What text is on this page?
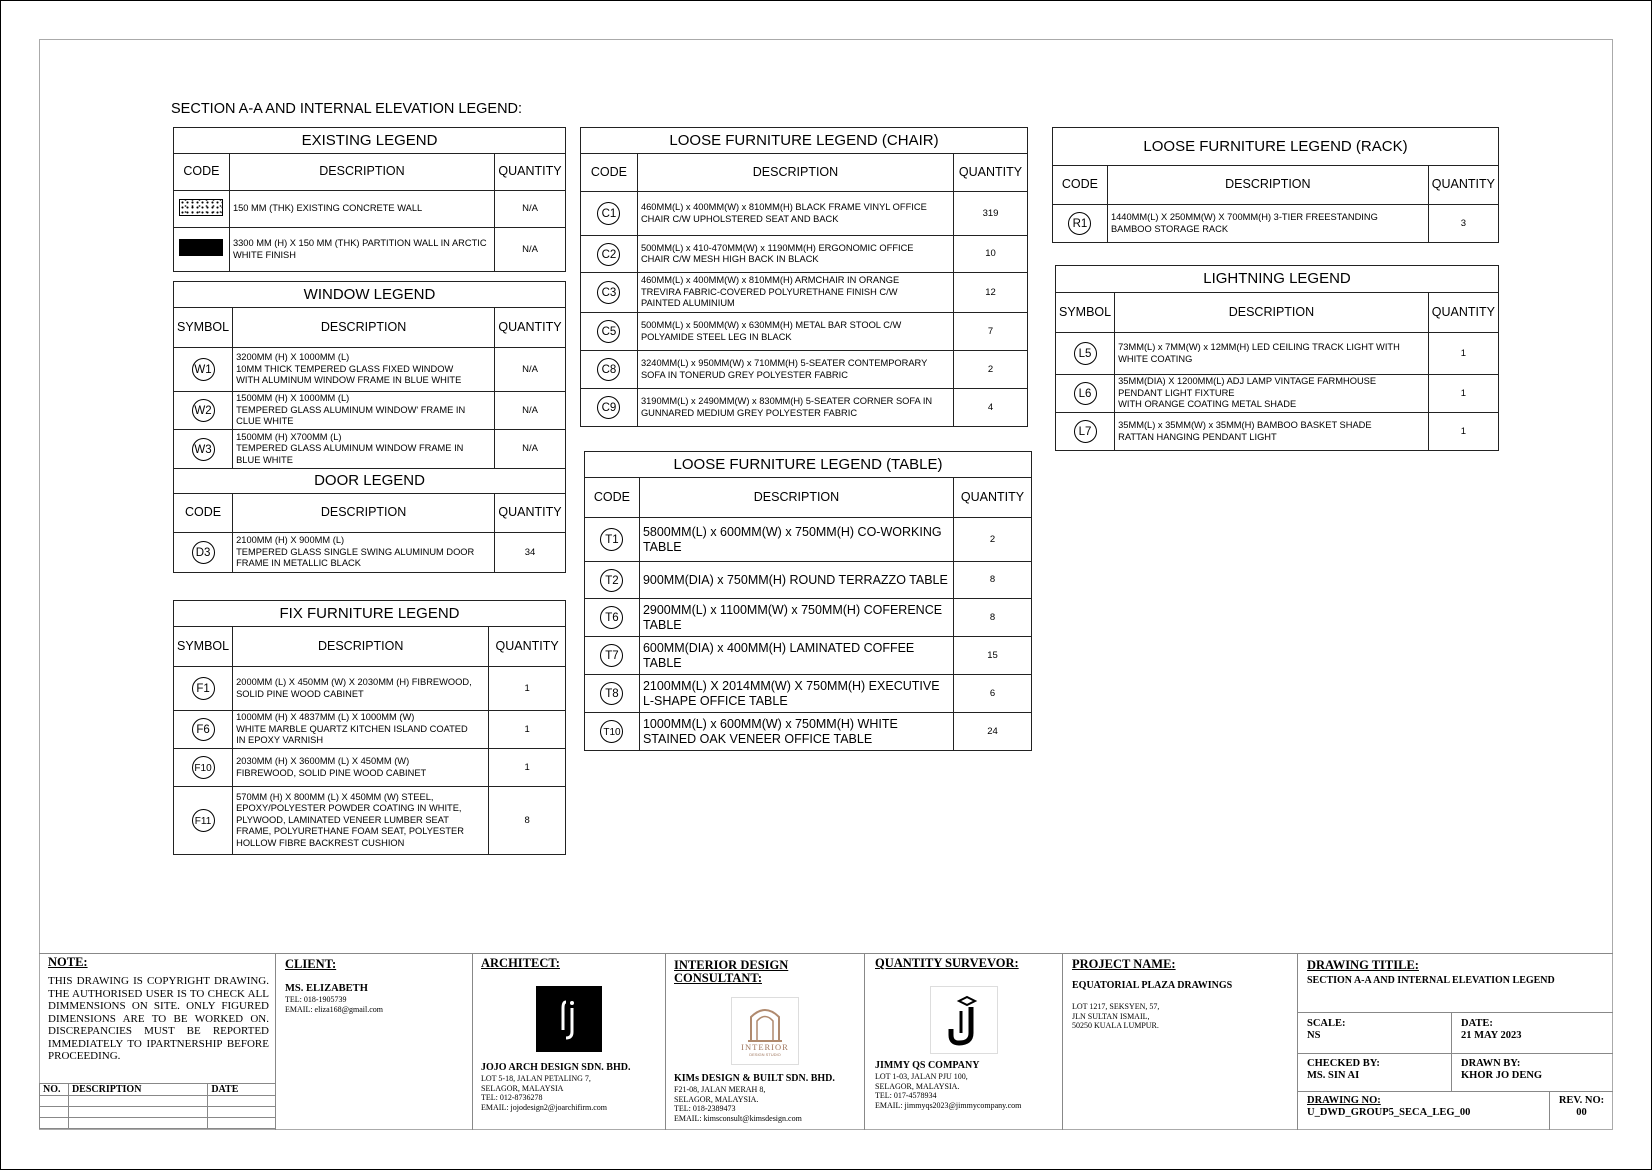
SECTION A-A AND INTERNAL ELEVATION LEGEND:
EXISTING LEGEND		
CODE	DESCRIPTION	QUANTITY
	150 MM (THK) EXISTING CONCRETE WALL	N/A
	3300 MM (H) X 150 MM (THK) PARTITION WALL IN ARCTIC WHITE FINISH	N/A
WINDOW LEGEND		
SYMBOL	DESCRIPTION	QUANTITY
W1	3200MM (H) X 1000MM (L)
10MM THICK TEMPERED GLASS FIXED WINDOW
WITH ALUMINUM WINDOW FRAME IN BLUE WHITE	N/A
W2	1500MM (H) X 1000MM (L)
TEMPERED GLASS ALUMINUM WINDOW' FRAME IN
CLUE WHITE	N/A
W3	1500MM (H) X700MM (L)
TEMPERED GLASS ALUMINUM WINDOW FRAME IN
BLUE WHITE	N/A
DOOR LEGEND		
CODE	DESCRIPTION	QUANTITY
D3	2100MM (H) X 900MM (L)
TEMPERED GLASS SINGLE SWING ALUMINUM DOOR
FRAME IN METALLIC BLACK	34
FIX FURNITURE LEGEND		
SYMBOL	DESCRIPTION	QUANTITY
F1	2000MM (L) X 450MM (W) X 2030MM (H) FIBREWOOD,
SOLID PINE WOOD CABINET	1
F6	1000MM (H) X 4837MM (L) X 1000MM (W)
WHITE MARBLE QUARTZ KITCHEN ISLAND COATED
IN EPOXY VARNISH	1
F10	2030MM (H) X 3600MM (L) X 450MM (W)
FIBREWOOD, SOLID PINE WOOD CABINET	1
F11	570MM (H) X 800MM (L) X 450MM (W) STEEL,
EPOXY/POLYESTER POWDER COATING IN WHITE,
PLYWOOD, LAMINATED VENEER LUMBER SEAT
FRAME, POLYURETHANE FOAM SEAT, POLYESTER
HOLLOW FIBRE BACKREST CUSHION	8
LOOSE FURNITURE LEGEND (CHAIR)		
CODE	DESCRIPTION	QUANTITY
C1	460MM(L) x 400MM(W) x 810MM(H) BLACK FRAME VINYL OFFICE
CHAIR C/W UPHOLSTERED SEAT AND BACK	319
C2	500MM(L) x 410-470MM(W) x 1190MM(H) ERGONOMIC OFFICE
CHAIR C/W MESH HIGH BACK IN BLACK	10
C3	460MM(L) x 400MM(W) x 810MM(H) ARMCHAIR IN ORANGE
TREVIRA FABRIC-COVERED POLYURETHANE FINISH C/W
PAINTED ALUMINIUM	12
C5	500MM(L) x 500MM(W) x 630MM(H) METAL BAR STOOL C/W
POLYAMIDE STEEL LEG IN BLACK	7
C8	3240MM(L) x 950MM(W) x 710MM(H) 5-SEATER CONTEMPORARY
SOFA IN TONERUD GREY POLYESTER FABRIC	2
C9	3190MM(L) x 2490MM(W) x 830MM(H) 5-SEATER CORNER SOFA IN
GUNNARED MEDIUM GREY POLYESTER FABRIC	4
LOOSE FURNITURE LEGEND (TABLE)		
CODE	DESCRIPTION	QUANTITY
T1	5800MM(L) x 600MM(W) x 750MM(H) CO-WORKING
TABLE	2
T2	900MM(DIA) x 750MM(H) ROUND TERRAZZO TABLE	8
T6	2900MM(L) x 1100MM(W) x 750MM(H) COFERENCE
TABLE	8
T7	600MM(DIA) x 400MM(H) LAMINATED COFFEE
TABLE	15
T8	2100MM(L) X 2014MM(W) X 750MM(H) EXECUTIVE
L-SHAPE OFFICE TABLE	6
T10	1000MM(L) x 600MM(W) x 750MM(H) WHITE
STAINED OAK VENEER OFFICE TABLE	24
LOOSE FURNITURE LEGEND (RACK)		
CODE	DESCRIPTION	QUANTITY
R1	1440MM(L) X 250MM(W) X 700MM(H) 3-TIER FREESTANDING
BAMBOO STORAGE RACK	3
LIGHTNING LEGEND		
SYMBOL	DESCRIPTION	QUANTITY
L5	73MM(L) x 7MM(W) x 12MM(H) LED CEILING TRACK LIGHT WITH
WHITE COATING	1
L6	35MM(DIA) X 1200MM(L) ADJ LAMP VINTAGE FARMHOUSE
PENDANT LIGHT FIXTURE
WITH ORANGE COATING METAL SHADE	1
L7	35MM(L) x 35MM(W) x 35MM(H) BAMBOO BASKET SHADE
RATTAN HANGING PENDANT LIGHT	1
NOTE:
THIS DRAWING IS COPYRIGHT DRAWING. THE AUTHORISED USER IS TO CHECK ALL DIMMENSIONS ON SITE. ONLY FIGURED DIMENSIONS ARE TO BE WORKED ON. DISCREPANCIES MUST BE REPORTED IMMEDIATELY TO IPARTNERSHIP BEFORE PROCEEDING.
NO.	DESCRIPTION	DATE

CLIENT:
MS. ELIZABETH
TEL: 018-1905739
EMAIL: eliza168@gmail.com
ARCHITECT:
JOJO ARCH DESIGN SDN. BHD.
LOT 5-18, JALAN PETALING 7,
SELAGOR, MALAYSIA
TEL: 012-8736278
EMAIL: jojodesign2@joarchifirm.com
INTERIOR DESIGN CONSULTANT:
INTERIOR
DESIGN STUDIO
KIMs DESIGN & BUILT SDN. BHD.
F21-08, JALAN MERAH 8,
SELAGOR, MALAYSIA.
TEL: 018-2389473
EMAIL: kimsconsult@kimsdesign.com
QUANTITY SURVEVOR:
JIMMY QS COMPANY
LOT 1-03, JALAN PJU 100,
SELAGOR, MALAYSIA.
TEL: 017-4578934
EMAIL: jimmyqs2023@jimmycompany.com
PROJECT NAME:
EQUATORIAL PLAZA DRAWINGS
LOT 1217, SEKSYEN, 57,
JLN SULTAN ISMAIL,
50250 KUALA LUMPUR.
DRAWING TITILE:
SECTION A-A AND INTERNAL ELEVATION LEGEND
SCALE:
NS
DATE:
21 MAY 2023
CHECKED BY:
MS. SIN AI
DRAWN BY:
KHOR JO DENG
DRAWING NO:
U_DWD_GROUP5_SECA_LEG_00
REV. NO:
00
